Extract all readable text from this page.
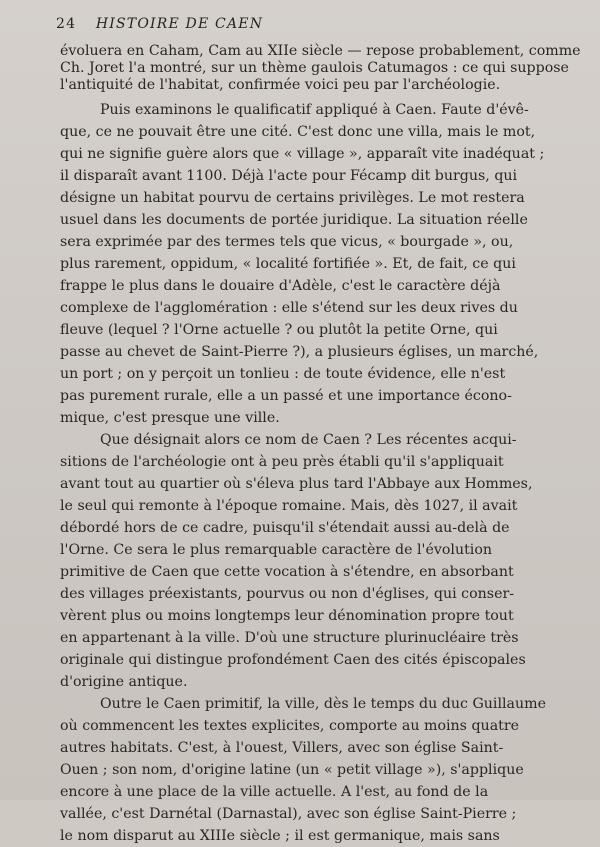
24 HISTOIRE DE CAEN

évoluera en Caham, Cam au XIIe siècle — repose probablement, comme
Ch. Joret l'a montré, sur un thème gaulois Catumagos : ce qui suppose
l'antiquité de l'habitat, confirmée voici peu par l'archéologie.

Puis examinons le qualificatif appliqué à Caen. Faute d'évê-
que, ce ne pouvait être une cité. C'est donc une villa, mais le mot,
qui ne signifie guère alors que « village », apparaît vite inadéquat ;
il disparaît avant 1100. Déjà l'acte pour Fécamp dit burgus, qui
désigne un habitat pourvu de certains privilèges. Le mot restera
usuel dans les documents de portée juridique. La situation réelle
sera exprimée par des termes tels que vicus, « bourgade », ou,
plus rarement, oppidum, « localité fortifiée ». Et, de fait, ce qui
frappe le plus dans le douaire d'Adèle, c'est le caractère déjà
complexe de l'agglomération : elle s'étend sur les deux rives du
fleuve (lequel ? l'Orne actuelle ? ou plutôt la petite Orne, qui
passe au chevet de Saint-Pierre ?), a plusieurs églises, un marché,
un port ; on y perçoit un tonlieu : de toute évidence, elle n'est
pas purement rurale, elle a un passé et une importance écono-
mique, c'est presque une ville.

Que désignait alors ce nom de Caen ? Les récentes acqui-
sitions de l'archéologie ont à peu près établi qu'il s'appliquait
avant tout au quartier où s'éleva plus tard l'Abbaye aux Hommes,
le seul qui remonte à l'époque romaine. Mais, dès 1027, il avait
débordé hors de ce cadre, puisqu'il s'étendait aussi au-delà de
l'Orne. Ce sera le plus remarquable caractère de l'évolution
primitive de Caen que cette vocation à s'étendre, en absorbant
des villages préexistants, pourvus ou non d'églises, qui conser-
vèrent plus ou moins longtemps leur dénomination propre tout
en appartenant à la ville. D'où une structure plurinucléaire très
originale qui distingue profondément Caen des cités épiscopales
d'origine antique.

Outre le Caen primitif, la ville, dès le temps du duc Guillaume
où commencent les textes explicites, comporte au moins quatre
autres habitats. C'est, à l'ouest, Villers, avec son église Saint-
Ouen ; son nom, d'origine latine (un « petit village »), s'applique
encore à une place de la ville actuelle. A l'est, au fond de la
vallée, c'est Darnétal (Darnastal), avec son église Saint-Pierre ;
le nom disparut au XIIIe siècle ; il est germanique, mais sans
